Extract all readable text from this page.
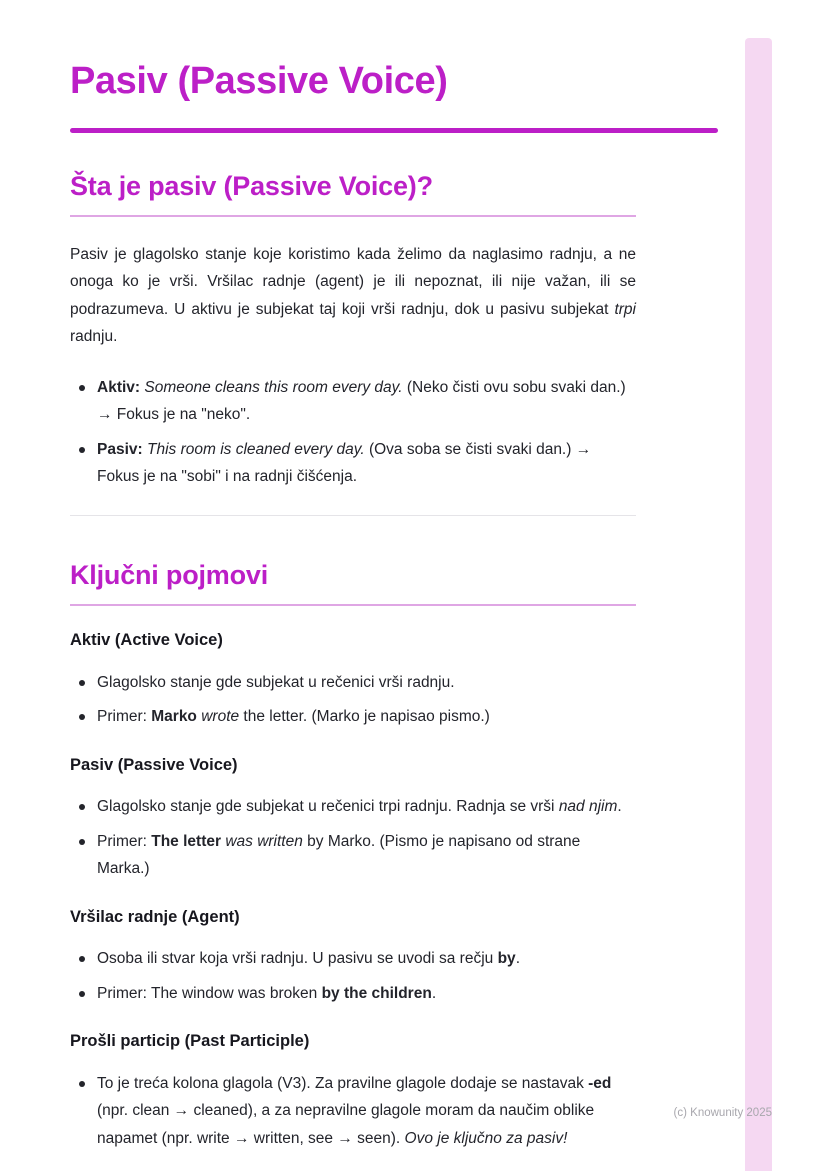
Pasiv (Passive Voice)
Šta je pasiv (Passive Voice)?

Pasiv je glagolsko stanje koje koristimo kada želimo da naglasimo radnju, a ne onoga ko je vrši. Vršilac radnje (agent) je ili nepoznat, ili nije važan, ili se podrazumeva. U aktivu je subjekat taj koji vrši radnju, dok u pasivu subjekat trpi radnju.

Aktiv: Someone cleans this room every day. (Neko čisti ovu sobu svaki dan.) → Fokus je na "neko".
Pasiv: This room is cleaned every day. (Ova soba se čisti svaki dan.) → Fokus je na "sobi" i na radnji čišćenja.
Ključni pojmovi
Aktiv (Active Voice)
Glagolsko stanje gde subjekat u rečenici vrši radnju.
Primer: Marko wrote the letter. (Marko je napisao pismo.)
Pasiv (Passive Voice)
Glagolsko stanje gde subjekat u rečenici trpi radnju. Radnja se vrši nad njim.
Primer: The letter was written by Marko. (Pismo je napisano od strane Marka.)
Vršilac radnje (Agent)
Osoba ili stvar koja vrši radnju. U pasivu se uvodi sa rečju by.
Primer: The window was broken by the children.
Prošli particip (Past Participle)
To je treća kolona glagola (V3). Za pravilne glagole dodaje se nastavak -ed (npr. clean → cleaned), a za nepravilne glagole moram da naučim oblike napamet (npr. write → written, see → seen). Ovo je ključno za pasiv!
(c) Knowunity 2025
